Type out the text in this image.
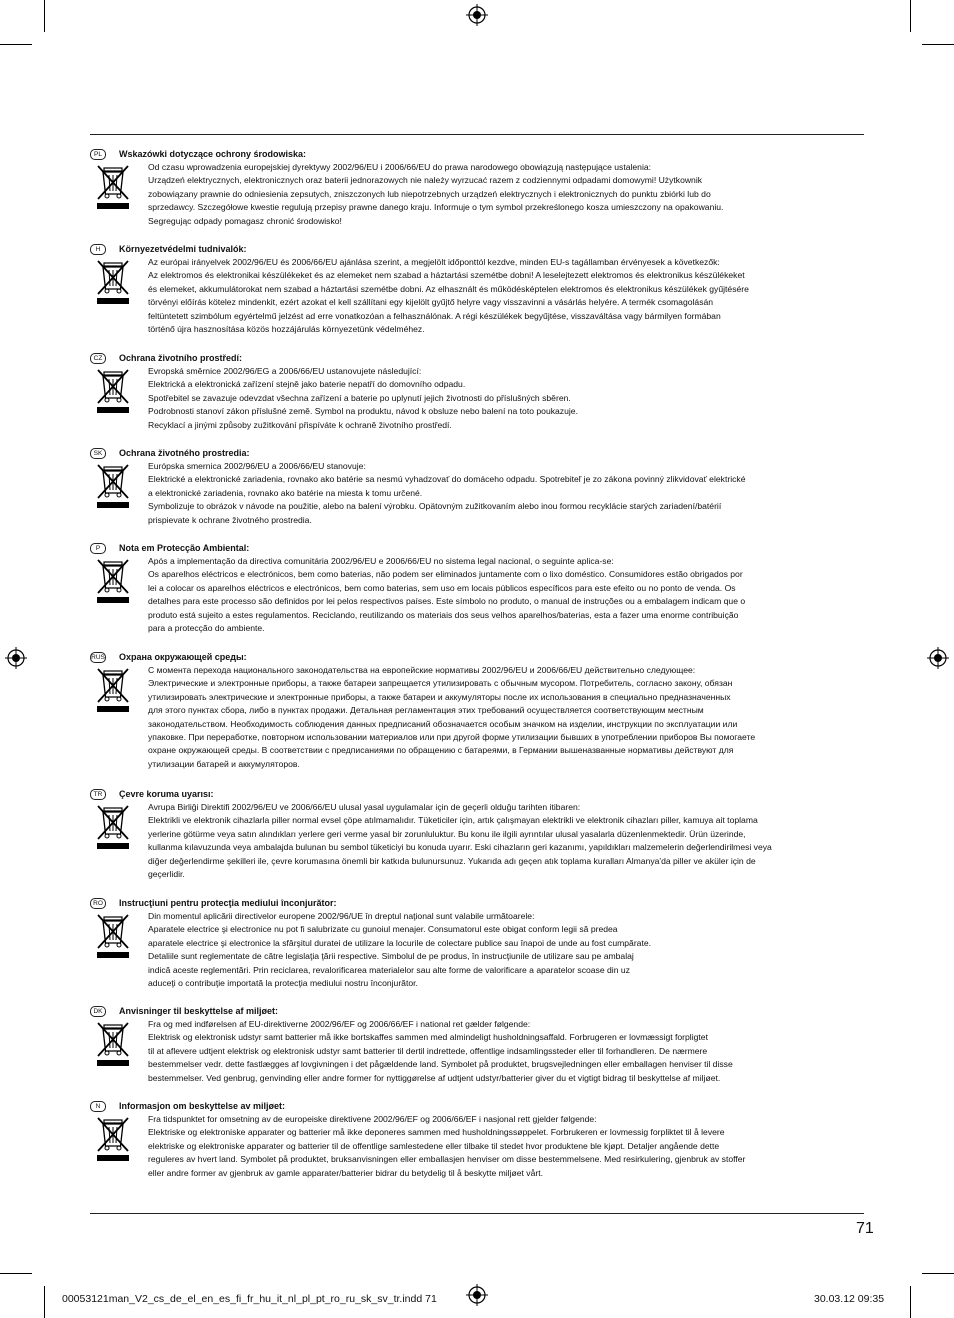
PL	Wskazówki dotyczące ochrony środowiska:
Od czasu wprowadzenia europejskiej dyrektywy 2002/96/EU i 2006/66/EU do prawa narodowego obowiązują następujące ustalenia:
Urządzeń elektrycznych, elektronicznych oraz baterii jednorazowych nie należy wyrzucać razem z codziennymi odpadami domowymi! Użytkownik
zobowiązany prawnie do odniesienia zepsutych, zniszczonych lub niepotrzebnych urządzeń elektrycznych i elektronicznych do punktu zbiórki lub do
sprzedawcy. Szczegółowe kwestie regulują przepisy prawne danego kraju. Informuje o tym symbol przekreślonego kosza umieszczony na opakowaniu.
Segregując odpady pomagasz chronić środowisko!
H	Környezetvédelmi tudnivalók:
Az európai irányelvek 2002/96/EU és 2006/66/EU ajánlása szerint, a megjelölt időponttól kezdve, minden EU-s tagállamban érvényesek a következők:
Az elektromos és elektronikai készülékeket és az elemeket nem szabad a háztartási szemétbe dobni! A leselejtezett elektromos és elektronikus készülékeket
és elemeket, akkumulátorokat nem szabad a háztartási szemétbe dobni. Az elhasznált és működésképtelen elektromos és elektronikus készülékek gyűjtésére
törvényi előírás kötelez mindenkit, ezért azokat el kell szállítani egy kijelölt gyűjtő helyre vagy visszavinni a vásárlás helyére. A termék csomagolásán
feltüntetett szimbólum egyértelmű jelzést ad erre vonatkozóan a felhasználónak. A régi készülékek begyűjtése, visszaváltása vagy bármilyen formában
történő újra hasznosítása közös hozzájárulás környezetünk védelméhez.
CZ	Ochrana životního prostředí:
Evropská směrnice 2002/96/EG a 2006/66/EU ustanovujete následující:
Elektrická a elektronická zařízení stejně jako baterie nepatří do domovního odpadu.
Spotřebitel se zavazuje odevzdat všechna zařízení a baterie po uplynutí jejich životnosti do příslušných sběren.
Podrobnosti stanoví zákon příslušné země. Symbol na produktu, návod k obsluze nebo balení na toto poukazuje.
Recyklací a jinými způsoby zužitkování přispíváte k ochraně životního prostředí.
SK	Ochrana životného prostredia:
Európska smernica 2002/96/EU a 2006/66/EU stanovuje:
Elektrické a elektronické zariadenia, rovnako ako batérie sa nesmú vyhadzovať do domáceho odpadu. Spotrebiteľ je zo zákona povinný zlikvidovať elektrické
a elektronické zariadenia, rovnako ako batérie na miesta k tomu určené.
Symbolizuje to obrázok v návode na použitie, alebo na balení výrobku. Opätovným zužitkovaním alebo inou formou recyklácie starých zariadení/batérií
prispievate k ochrane životného prostredia.
P	Nota em Protecção Ambiental:
Após a implementação da directiva comunitária 2002/96/EU e 2006/66/EU no sistema legal nacional, o seguinte aplica-se:
Os aparelhos eléctricos e electrónicos, bem como baterias, não podem ser eliminados juntamente com o lixo doméstico. Consumidores estão obrigados por
lei a colocar os aparelhos eléctricos e electrónicos, bem como baterias, sem uso em locais públicos específicos para este efeito ou no ponto de venda. Os
detalhes para este processo são definidos por lei pelos respectivos países. Este símbolo no produto, o manual de instruções ou a embalagem indicam que o
produto está sujeito a estes regulamentos. Reciclando, reutilizando os materiais dos seus velhos aparelhos/baterias, esta a fazer uma enorme contribuição
para a protecção do ambiente.
RUS Охрана окружающей среды:
С момента перехода национального законодательства на европейские нормативы 2002/96/EU и 2006/66/EU действительно следующее:
Электрические и электронные приборы, а также батареи запрещается утилизировать с обычным мусором. Потребитель, согласно закону, обязан
утилизировать электрические и электронные приборы, а также батареи и аккумуляторы после их использования в специально предназначенных
для этого пунктах сбора, либо в пунктах продажи. Детальная регламентация этих требований осуществляется соответствующим местным
законодательством. Необходимость соблюдения данных предписаний обозначается особым значком на изделии, инструкции по эксплуатации или
упаковке. При переработке, повторном использовании материалов или при другой форме утилизации бывших в употреблении приборов Вы помогаете
охране окружающей среды. В соответствии с предписаниями по обращению с батареями, в Германии вышеназванные нормативы действуют для
утилизации батарей и аккумуляторов.
TR	Çevre koruma uyarısı:
Avrupa Birliği Direktifi 2002/96/EU ve 2006/66/EU ulusal yasal uygulamalar için de geçerli olduğu tarihten itibaren:
Elektrikli ve elektronik cihazlarla piller normal evsel çöpe atılmamalıdır. Tüketiciler için, artık çalışmayan elektrikli ve elektronik cihazları piller, kamuya ait toplama
yerlerine götürme veya satın alındıkları yerlere geri verme yasal bir zorunluluktur. Bu konu ile ilgili ayrıntılar ulusal yasalarla düzenlenmektedir. Ürün üzerinde,
kullanma kılavuzunda veya ambalajda bulunan bu sembol tüketiciyi bu konuda uyarır. Eski cihazların geri kazanımı, yapıldıkları malzemelerin değerlendirilmesi veya
diğer değerlendirme şekilleri ile, çevre korumasına önemli bir katkıda bulunursunuz. Yukarıda adı geçen atık toplama kuralları Almanya'da piller ve aküler için de
geçerlidir.
RO	Instrucţiuni pentru protecţia mediului înconjurător:
Din momentul aplicării directivelor europene 2002/96/UE în dreptul naţional sunt valabile următoarele:
Aparatele electrice şi electronice nu pot fi salubrizate cu gunoiul menajer. Consumatorul este obigat conform legii să predea
aparatele electrice şi electronice la sfârşitul duratei de utilizare la locurile de colectare publice sau înapoi de unde au fost cumpărate.
Detaliile sunt reglementate de către legislaţia ţării respective. Simbolul de pe produs, în instrucţiunile de utilizare sau pe ambalaj
indică aceste reglementări. Prin reciclarea, revalorificarea materialelor sau alte forme de valorificare a aparatelor scoase din uz
aduceţi o contribuţie importată la protecţia mediului nostru înconjurător.
DK	Anvisninger til beskyttelse af miljøet:
Fra og med indførelsen af EU-direktiverne 2002/96/EF og 2006/66/EF i national ret gælder følgende:
Elektrisk og elektronisk udstyr samt batterier må ikke bortskaffes sammen med almindeligt husholdningsaffald. Forbrugeren er lovmæssigt forpligtet
til at aflevere udtjent elektrisk og elektronisk udstyr samt batterier til dertil indrettede, offentlige indsamlingssteder eller til forhandleren. De nærmere
bestemmelser vedr. dette fastlægges af lovgivningen i det pågældende land. Symbolet på produktet, brugsvejledningen eller emballagen henviser til disse
bestemmelser. Ved genbrug, genvinding eller andre former for nyttiggørelse af udtjent udstyr/batterier giver du et vigtigt bidrag til beskyttelse af miljøet.
N	Informasjon om beskyttelse av miljøet:
Fra tidspunktet for omsetning av de europeiske direktivene 2002/96/EF og 2006/66/EF i nasjonal rett gjelder følgende:
Elektriske og elektroniske apparater og batterier må ikke deponeres sammen med husholdningssøppelet. Forbrukeren er lovmessig forpliktet til å levere
elektriske og elektroniske apparater og batterier til de offentlige samlestedene eller tilbake til stedet hvor produktene ble kjøpt. Detaljer angående dette
reguleres av hvert land. Symbolet på produktet, bruksanvisningen eller emballasjen henviser om disse bestemmelsene. Med resirkulering, gjenbruk av stoffer
eller andre former av gjenbruk av gamle apparater/batterier bidrar du betydelig til å beskytte miljøet vårt.
71
00053121man_V2_cs_de_el_en_es_fi_fr_hu_it_nl_pl_pt_ro_ru_sk_sv_tr.indd 71	30.03.12 09:35
